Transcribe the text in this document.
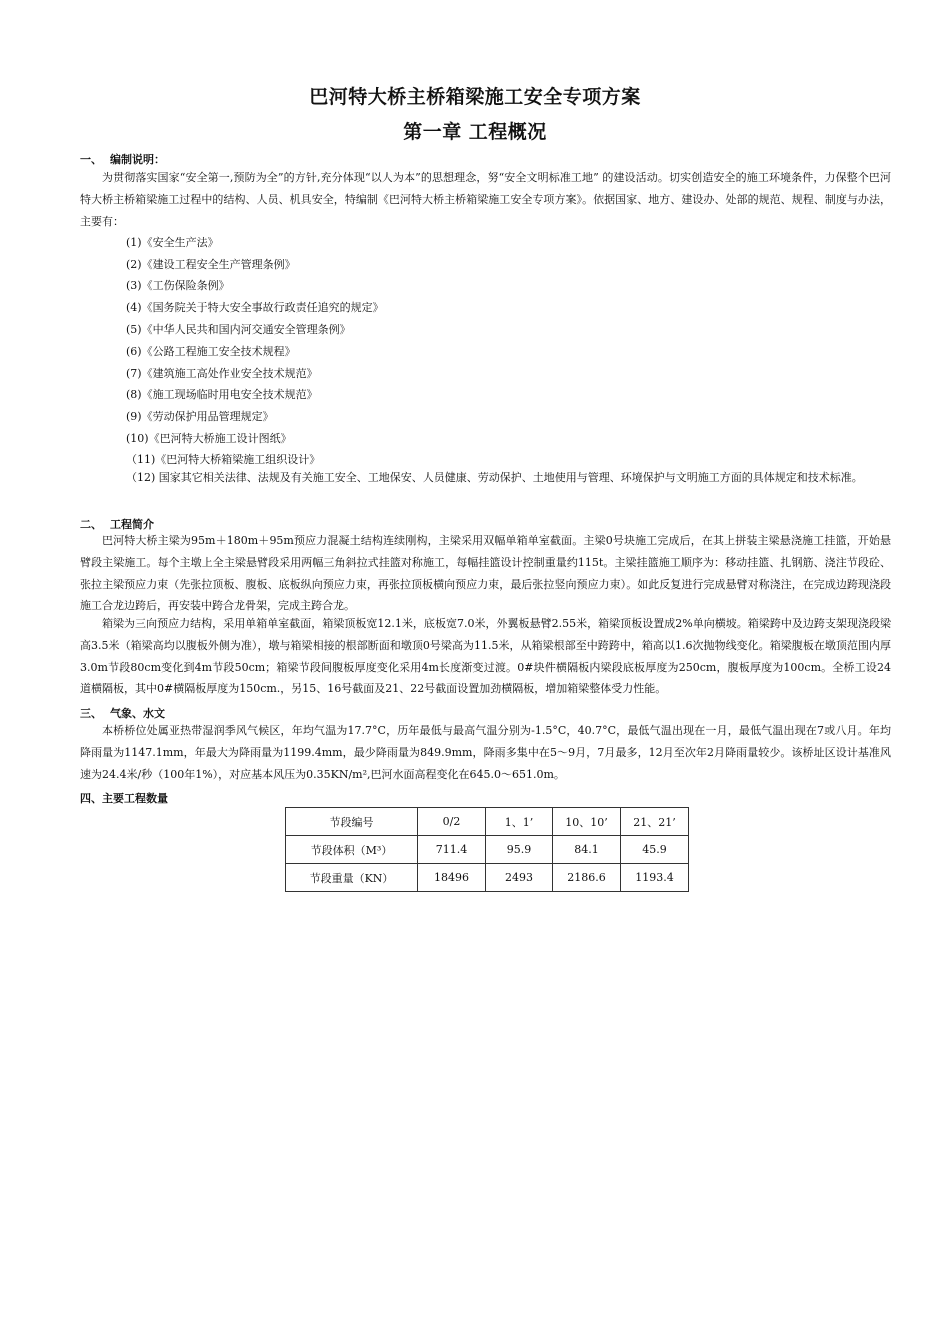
巴河特大桥主桥箱梁施工安全专项方案
第一章 工程概况
一、 编制说明：
为贯彻落实国家“安全第一,预防为全”的方针,充分体现“以人为本”的思想理念，努“安全文明标准工地” 的建设活动。切实创造安全的施工环境条件，力保整个巴河特大桥主桥箱梁施工过程中的结构、人员、机具安全，特编制《巴河特大桥主桥箱梁施工安全专项方案》。依据国家、地方、建设办、处部的规范、规程、制度与办法，主要有：
(1)《安全生产法》
(2)《建设工程安全生产管理条例》
(3)《工伤保险条例》
(4)《国务院关于特大安全事故行政责任追究的规定》
(5)《中华人民共和国内河交通安全管理条例》
(6)《公路工程施工安全技术规程》
(7)《建筑施工高处作业安全技术规范》
(8)《施工现场临时用电安全技术规范》
(9)《劳动保护用品管理规定》
(10)《巴河特大桥施工设计图纸》
（11)《巴河特大桥箱梁施工组织设计》
（12) 国家其它相关法律、法规及有关施工安全、工地保安、人员健康、劳动保护、土地使用与管理、环境保护与文明施工方面的具体规定和技术标准。
二、 工程简介
巴河特大桥主梁为95m＋180m＋95m预应力混凝土结构连续刚构，主梁采用双幅单箱单室截面。主梁0号块施工完成后，在其上拼装主梁悬浇施工挂篮，开始悬臂段主梁施工。每个主墩上全主梁悬臂段采用两幅三角斜拉式挂篮对称施工，每幅挂篮设计控制重量约115t。主梁挂篮施工顺序为：移动挂篮、扎钢筋、浇注节段砼、张拉主梁预应力束（先张拉顶板、腹板、底板纵向预应力束，再张拉顶板横向预应力束，最后张拉竖向预应力束）。如此反复进行完成悬臂对称浇注，在完成边跨现浇段施工合龙边跨后，再安装中跨合龙骨架，完成主跨合龙。
箱梁为三向预应力结构，采用单箱单室截面，箱梁顶板宽12.1米，底板宽7.0米，外翼板悬臂2.55米，箱梁顶板设置成2%单向横坡。箱梁跨中及边跨支架现浇段梁高3.5米（箱梁高均以腹板外侧为准），墩与箱梁相接的根部断面和墩顶0号梁高为11.5米，从箱梁根部至中跨跨中，箱高以1.6次抛物线变化。箱梁腹板在墩顶范围内厚3.0m节段80cm变化到4m节段50cm；箱梁节段间腹板厚度变化采用4m长度渐变过渡。0#块件横隔板内梁段底板厚度为250cm，腹板厚度为100cm。全桥工设24道横隔板，其中0#横隔板厚度为150cm.，另15、16号截面及21、22号截面设置加劲横隔板，增加箱梁整体受力性能。
三、 气象、水文
本桥桥位处属亚热带湿润季风气候区，年均气温为17.7°C，历年最低与最高气温分别为-1.5°C，40.7°C，最低气温出现在一月，最低气温出现在7或八月。年均降雨量为1147.1mm，年最大为降雨量为1199.4mm，最少降雨量为849.9mm，降雨多集中在5～9月，7月最多，12月至次年2月降雨量较少。该桥址区设计基准风速为24.4米/秒（100年1%），对应基本风压为0.35KN/m²,巴河水面高程变化在645.0～651.0m。
四、主要工程数量
节段编号	0/2	1、1’	10、10’	21、21’
节段体积（M³）	711.4	95.9	84.1	45.9
节段重量（KN）	18496	2493	2186.6	1193.4
